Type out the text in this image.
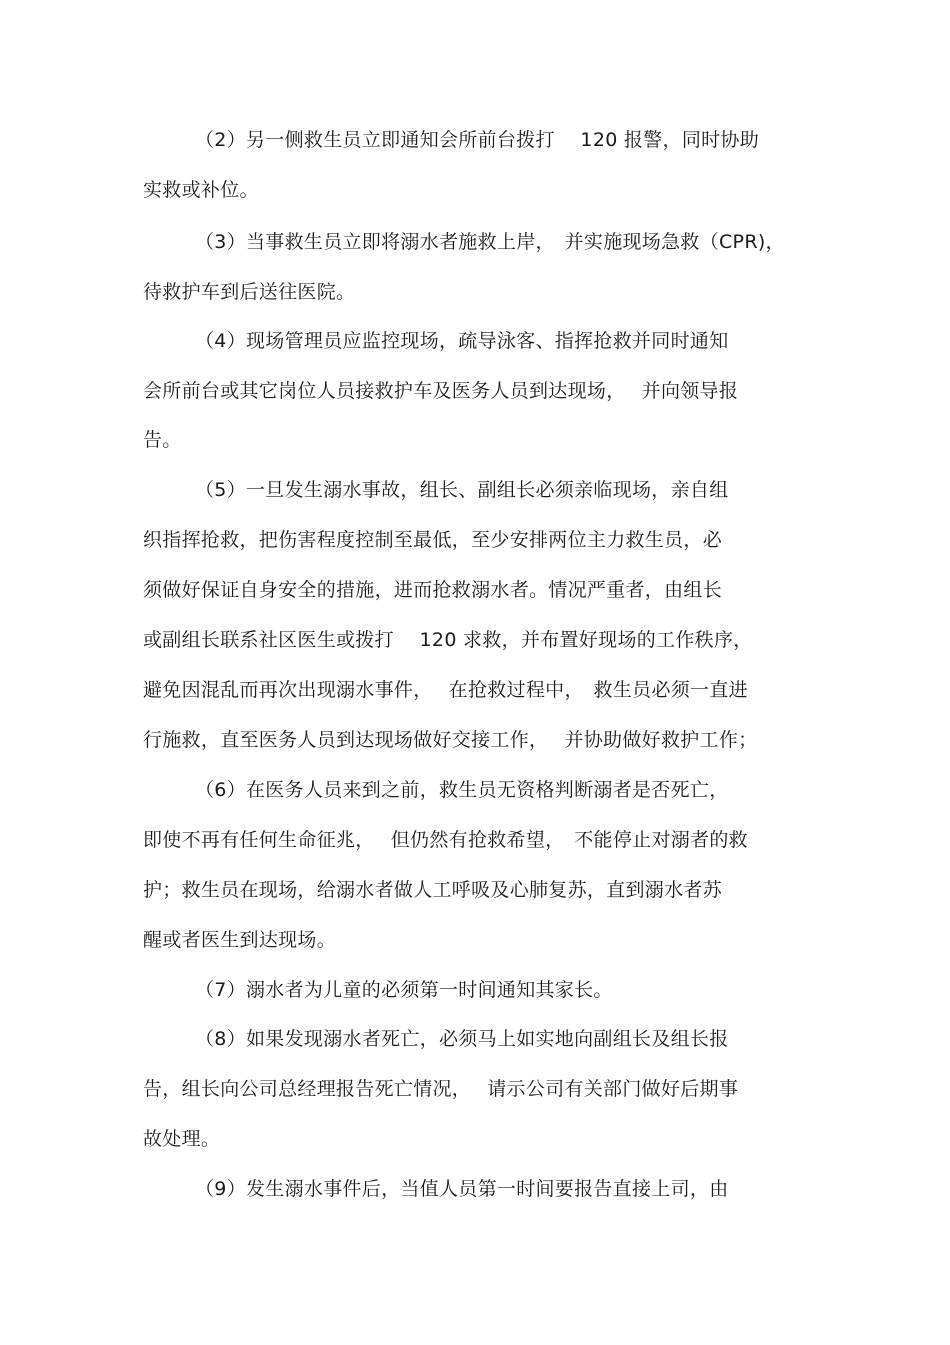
（2）另一侧救生员立即通知会所前台拨打　 120 报警，同时协助
实救或补位。
（3）当事救生员立即将溺水者施救上岸，　并实施现场急救（CPR)，
待救护车到后送往医院。
（4）现场管理员应监控现场，疏导泳客、指挥抢救并同时通知
会所前台或其它岗位人员接救护车及医务人员到达现场，　 并向领导报
告。
（5）一旦发生溺水事故，组长、副组长必须亲临现场，亲自组
织指挥抢救，把伤害程度控制至最低，至少安排两位主力救生员，必
须做好保证自身安全的措施，进而抢救溺水者。情况严重者，由组长
或副组长联系社区医生或拨打　 120 求救，并布置好现场的工作秩序，
避免因混乱而再次出现溺水事件，　 在抢救过程中，　救生员必须一直进
行施救，直至医务人员到达现场做好交接工作，　 并协助做好救护工作；
（6）在医务人员来到之前，救生员无资格判断溺者是否死亡，
即使不再有任何生命征兆，　 但仍然有抢救希望，　不能停止对溺者的救
护；救生员在现场，给溺水者做人工呼吸及心肺复苏，直到溺水者苏
醒或者医生到达现场。
（7）溺水者为儿童的必须第一时间通知其家长。
（8）如果发现溺水者死亡，必须马上如实地向副组长及组长报
告，组长向公司总经理报告死亡情况，　 请示公司有关部门做好后期事
故处理。
（9）发生溺水事件后，当值人员第一时间要报告直接上司，由
